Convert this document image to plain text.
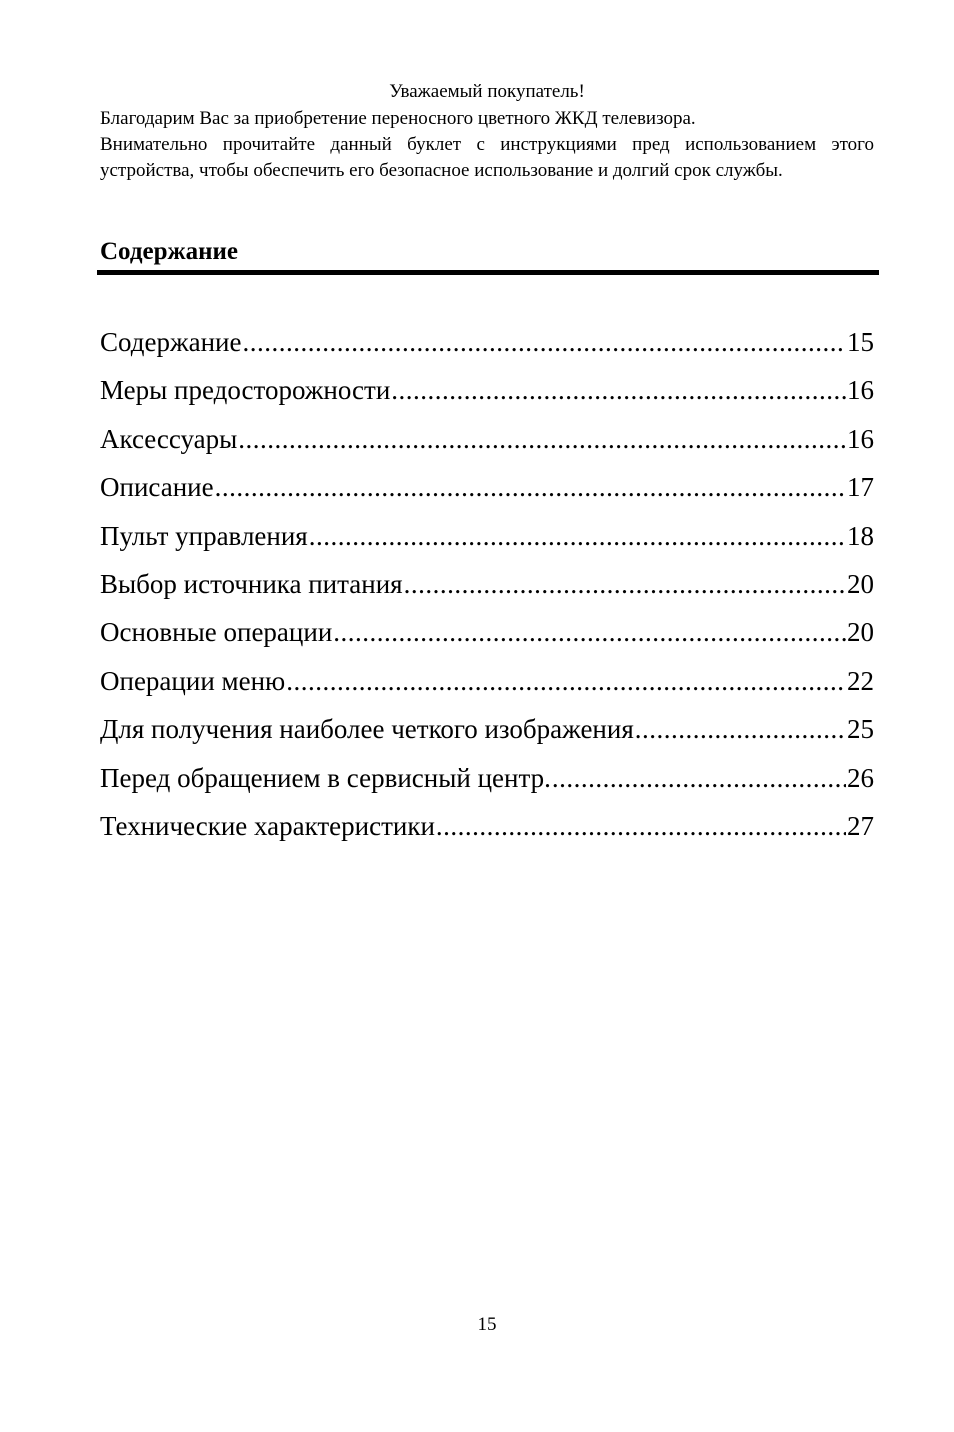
Уважаемый покупатель!

Благодарим Вас за приобретение переносного цветного ЖКД телевизора.

Внимательно прочитайте данный буклет с инструкциями пред использованием этого устройства, чтобы обеспечить его безопасное использование и долгий срок службы.

Содержание
Содержание .....	15
Меры предосторожности .....	16
Аксессуары .....	16
Описание .....	17
Пульт управления .....	18
Выбор источника питания .....	20
Основные операции .....	20
Операции меню .....	22
Для получения наиболее четкого изображения .....	25
Перед обращением в сервисный центр. .....	26
Технические характеристики .....	27
15
